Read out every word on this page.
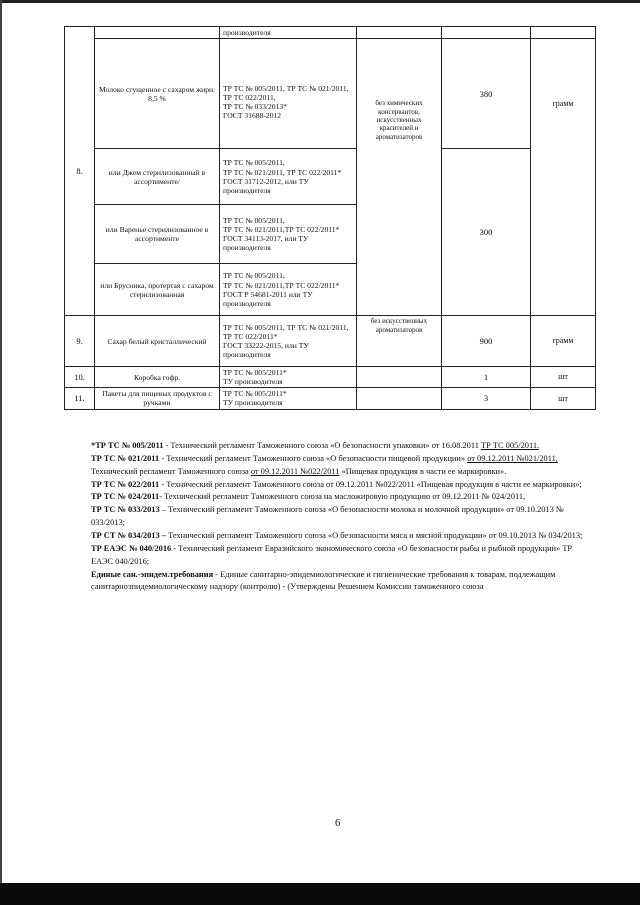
8.		производителя			
	Молоко сгущенное с сахаром жирн. 8,5 %	ТР ТС № 005/2011, ТР ТС № 021/2011,
ТР ТС 022/2011,
ТР ТС № 033/2013*
ГОСТ 31688-2012	без химических консервантов, искусственных красителей и ароматизаторов	380	грамм
	или Джем стерилизованный в ассортименте/	ТР ТС № 005/2011,
ТР ТС № 021/2011, ТР ТС 022/2011*
ГОСТ 31712-2012, или ТУ производителя		300	
	или Варенье стерилизованное в ассортименте	ТР ТС № 005/2011,
ТР ТС № 021/2011,ТР ТС 022/2011*
ГОСТ 34113-2017, или ТУ производителя			

	или Брусника, протертая с сахаром стерилизованная	ТР ТС № 005/2011,
ТР ТС № 021/2011,ТР ТС 022/2011*
ГОСТ Р 54681-2011 или ТУ производителя			

9.	Сахар белый кристаллический	ТР ТС № 005/2011, ТР ТС № 021/2011,
ТР ТС 022/2011*
ГОСТ 33222-2015, или ТУ производителя	без искусственных ароматизаторов	900	грамм
10.	Коробка гофр.	ТР ТС № 005/2011*
ТУ производителя		1	шт
11.	Пакеты для пищевых продуктов с ручками	ТР ТС № 005/2011*
ТУ производителя		3	шт

*ТР ТС № 005/2011 - Технический регламент Таможенного союза «О безопасности упаковки» от 16.08.2011 ТР ТС 005/2011.

ТР ТС № 021/2011 - Технический регламент Таможенного союза «О безопасности пищевой продукции» от 09.12.2011 №021/2011,

Технический регламент Таможенного союза от 09.12.2011 №022/2011 «Пищевая продукция в части ее маркировки».

ТР ТС № 022/2011 - Технический регламент Таможенного союза от 09.12.2011 №022/2011 «Пищевая продукция в части ее маркировки»;

ТР ТС № 024/2011- Технический регламент Таможенного союза на масложировую продукцию от 09.12.2011 № 024/2011,

ТР ТС № 033/2013 – Технический регламент Таможенного союза «О безопасности молока и молочной продукции» от 09.10.2013 № 033/2013;

ТР СТ № 034/2013 – Технический регламент Таможенного союза «О безопасности мяса и мясной продукции» от 09.10.2013 № 034/2013;

ТР ЕАЭС № 040/2016 - Технический регламент Евразийского экономического союза «О безопасности рыбы и рыбной продукции» ТР ЕАЭС 040/2016;

Единые сан.-эпидем.требования - Единые санитарно-эпидемиологические и гигиенические требования к товарам, подлежащим санитарноэпидемиологическому надзору (контролю) - (Утверждены Решением Комиссии таможенного союза

6
